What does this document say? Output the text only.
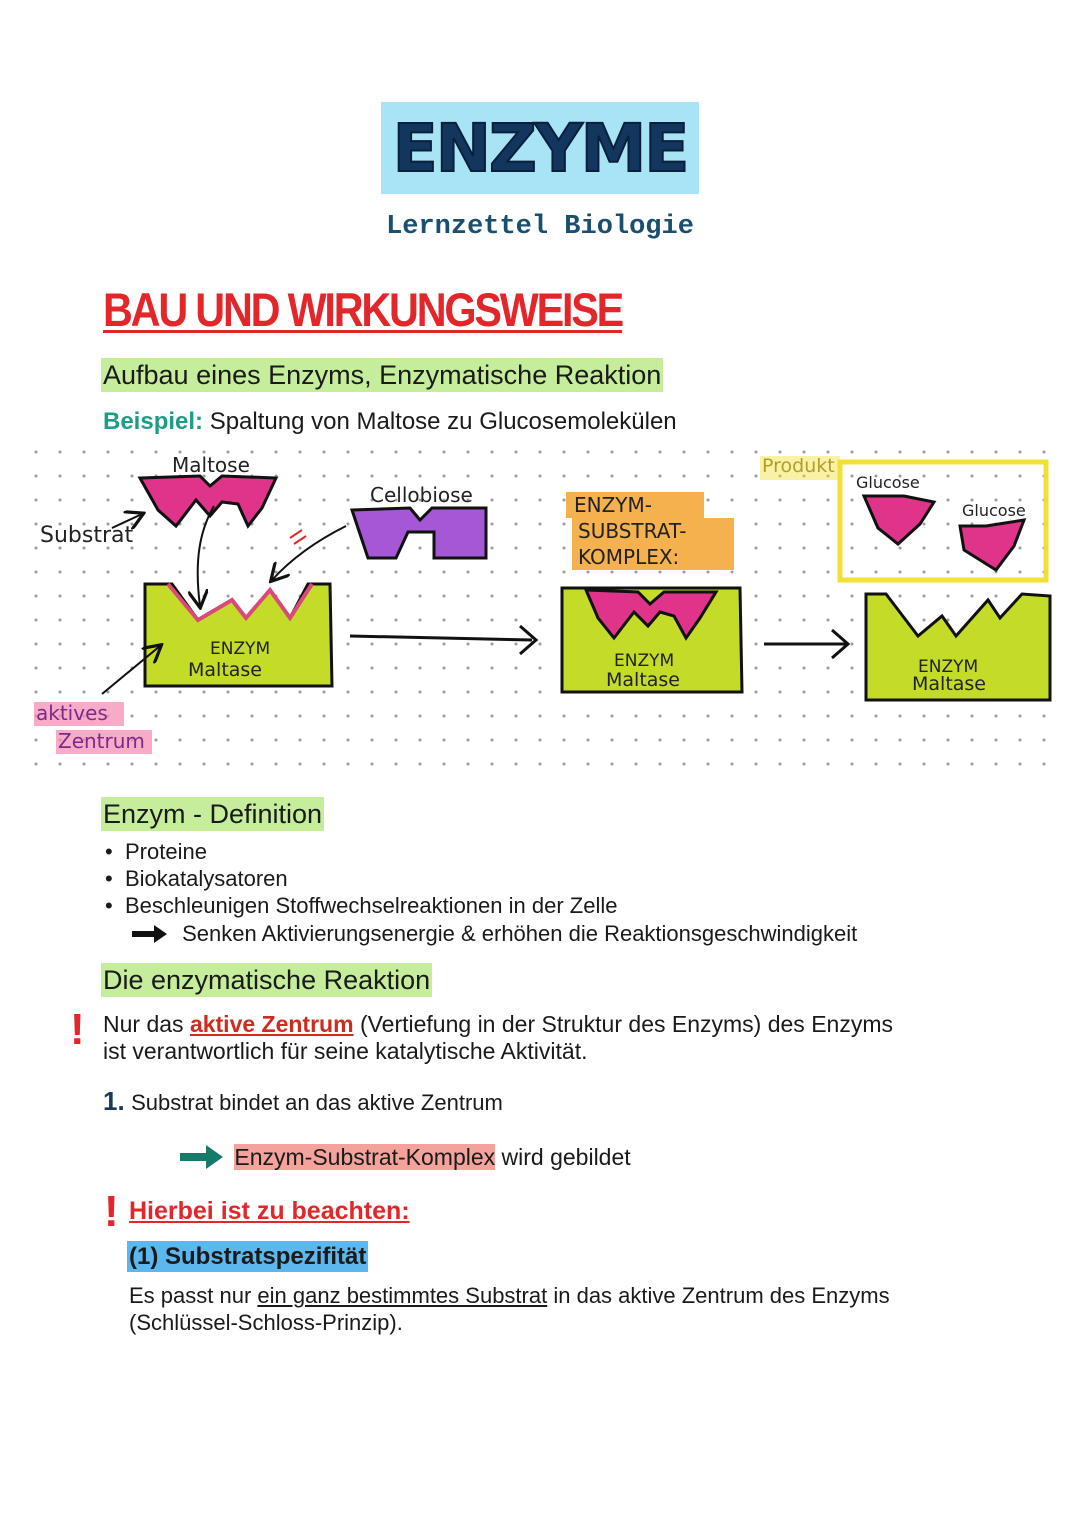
ENZYME
Lernzettel Biologie
BAU UND WIRKUNGSWEISE
Aufbau eines Enzyms, Enzymatische Reaktion
Beispiel: Spaltung von Maltose zu Glucosemolekülen
Maltose
Substrat
ENZYM
Maltase
aktives
Zentrum
Cellobiose	ENZYM-
SUBSTRAT-
KOMPLEX:
ENZYM
Maltase
Produkt
Glucose
Glucose
ENZYM
Maltase
Enzym - Definition
• Proteine
• Biokatalysatoren
• Beschleunigen Stoffwechselreaktionen in der Zelle
Senken Aktivierungsenergie & erhöhen die Reaktionsgeschwindigkeit
Die enzymatische Reaktion
! Nur das aktive Zentrum (Vertiefung in der Struktur des Enzyms) des Enzyms
ist verantwortlich für seine katalytische Aktivität.
1. Substrat bindet an das aktive Zentrum
Enzym-Substrat-Komplex wird gebildet
! Hierbei ist zu beachten:
(1) Substratspezifität
Es passt nur ein ganz bestimmtes Substrat in das aktive Zentrum des Enzyms
(Schlüssel-Schloss-Prinzip).
